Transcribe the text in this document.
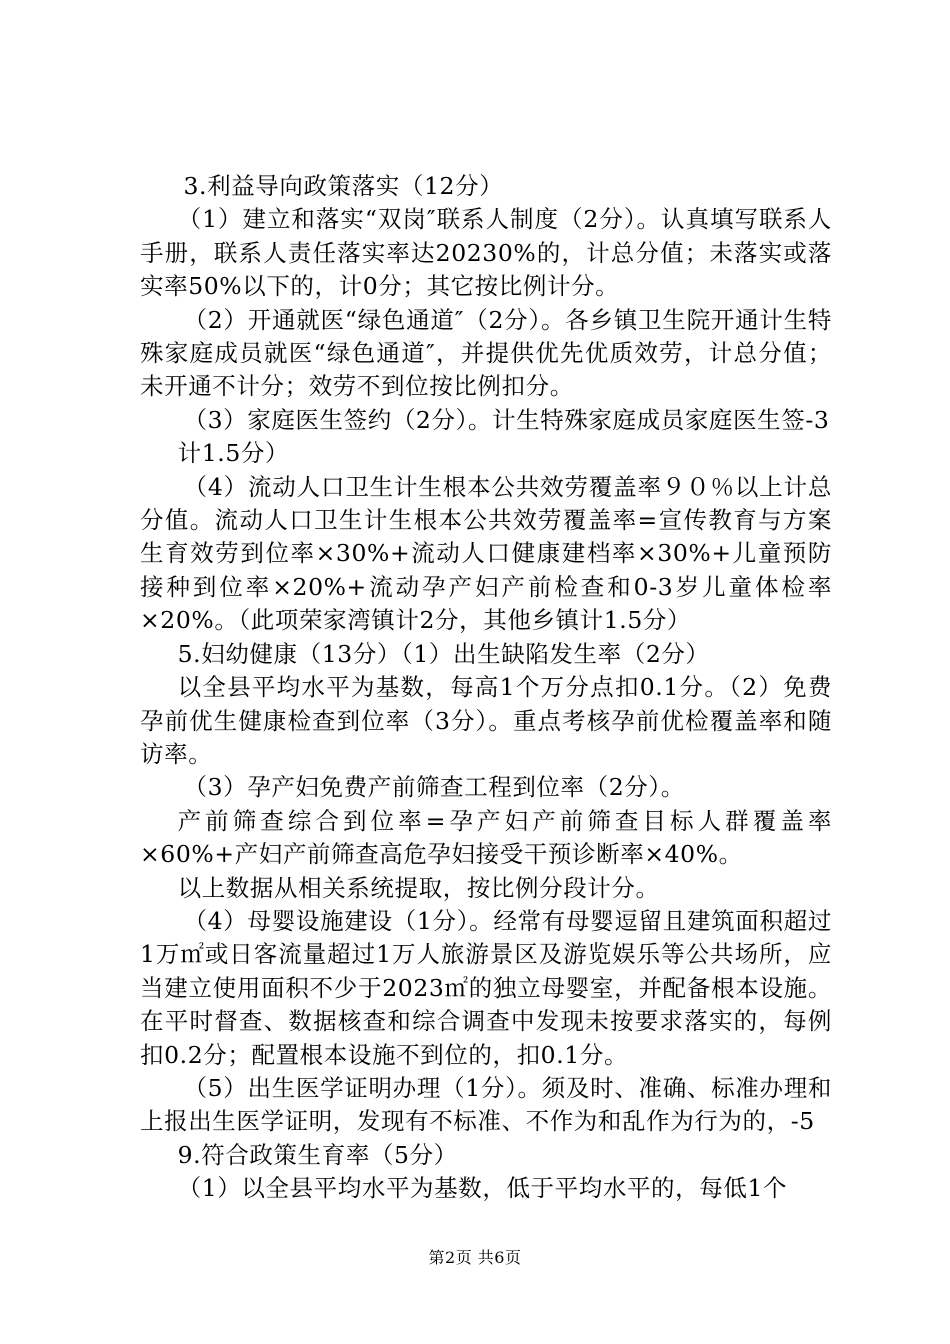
3.利益导向政策落实（12分）

（1）建立和落实“双岗″联系人制度（2分）。认真填写联系人手册，联系人责任落实率达20230%的，计总分值；未落实或落实率50%以下的，计0分；其它按比例计分。

（2）开通就医“绿色通道″（2分）。各乡镇卫生院开通计生特殊家庭成员就医“绿色通道″，并提供优先优质效劳，计总分值；未开通不计分；效劳不到位按比例扣分。

（3）家庭医生签约（2分）。计生特殊家庭成员家庭医生签-3

计1.5分）

（4）流动人口卫生计生根本公共效劳覆盖率９０％以上计总分值。流动人口卫生计生根本公共效劳覆盖率=宣传教育与方案生育效劳到位率×30%+流动人口健康建档率×30%+儿童预防接种到位率×20%+流动孕产妇产前检查和0-3岁儿童体检率×20%。（此项荣家湾镇计2分，其他乡镇计1.5分）

5.妇幼健康（13分）（1）出生缺陷发生率（2分）

以全县平均水平为基数，每高1个万分点扣0.1分。（2）免费孕前优生健康检查到位率（3分）。重点考核孕前优检覆盖率和随访率。

（3）孕产妇免费产前筛查工程到位率（2分）。

产前筛查综合到位率=孕产妇产前筛查目标人群覆盖率×60%+产妇产前筛查高危孕妇接受干预诊断率×40%。

以上数据从相关系统提取，按比例分段计分。

（4）母婴设施建设（1分）。经常有母婴逗留且建筑面积超过1万㎡或日客流量超过1万人旅游景区及游览娱乐等公共场所，应当建立使用面积不少于2023㎡的独立母婴室，并配备根本设施。在平时督查、数据核查和综合调查中发现未按要求落实的，每例扣0.2分；配置根本设施不到位的，扣0.1分。

（5）出生医学证明办理（1分）。须及时、准确、标准办理和上报出生医学证明，发现有不标准、不作为和乱作为行为的，-5

9.符合政策生育率（5分）

（1）以全县平均水平为基数，低于平均水平的，每低1个

第2页 共6页
